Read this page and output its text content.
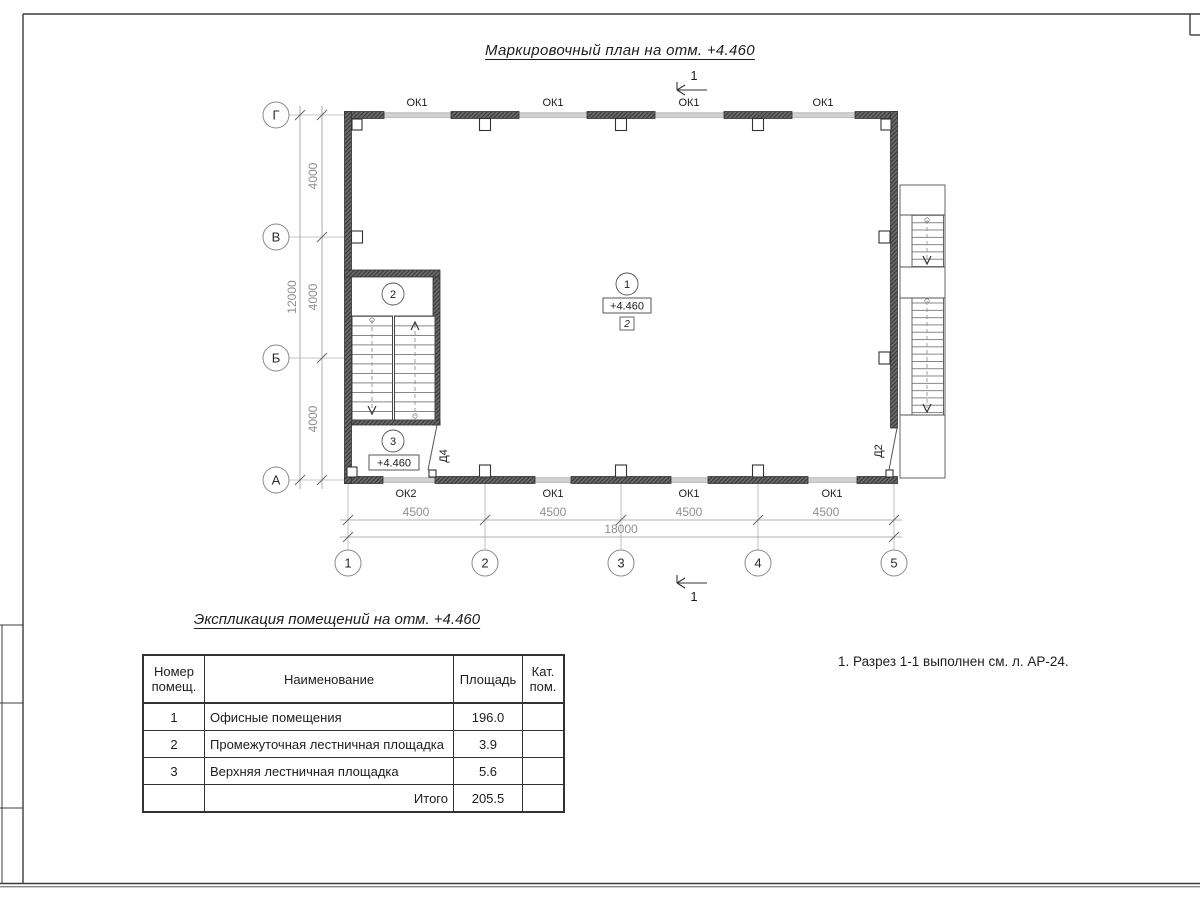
4500	4500	4500	4500
18000
4000
4000
4000
12000
Г
В
Б
А
1	2	3	4	5
Д4	Д2
ОК1	ОК1	ОК1	ОК1
ОК2	ОК1	ОК1	ОК1
1
+4.460
2
2
3
+4.460
1
1
Маркировочный план на отм. +4.460
Экспликация помещений на отм. +4.460
1. Разрез 1-1 выполнен см. л. АР-24.
Номер помещ.	Наименование	Площадь	Кат. пом.
1	Офисные помещения	196.0	
2	Промежуточная лестничная площадка	3.9	
3	Верхняя лестничная площадка	5.6	
	Итого	205.5	
